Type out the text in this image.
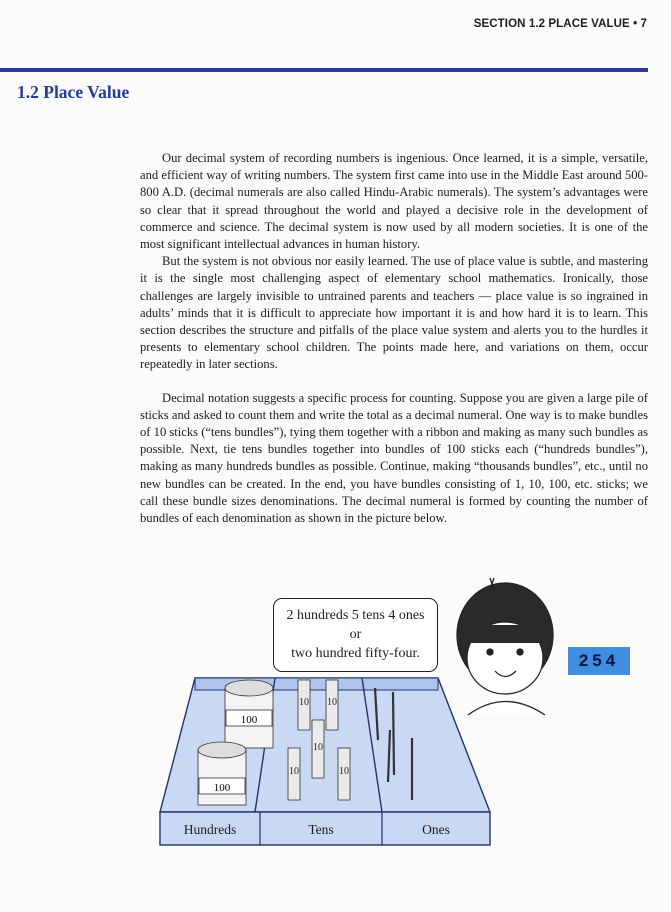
SECTION 1.2 PLACE VALUE • 7
1.2 Place Value

Our decimal system of recording numbers is ingenious. Once learned, it is a simple, versatile, and efficient way of writing numbers. The system first came into use in the Middle East around 500-800 A.D. (decimal numerals are also called Hindu-Arabic numerals). The system’s advantages were so clear that it spread throughout the world and played a decisive role in the development of commerce and science. The decimal system is now used by all modern societies. It is one of the most significant intellectual advances in human history.

But the system is not obvious nor easily learned. The use of place value is subtle, and mastering it is the single most challenging aspect of elementary school mathematics. Ironically, those challenges are largely invisible to untrained parents and teachers — place value is so ingrained in adults’ minds that it is difficult to appreciate how important it is and how hard it is to learn. This section describes the structure and pitfalls of the place value system and alerts you to the hurdles it presents to elementary school children. The points made here, and variations on them, occur repeatedly in later sections.

Decimal notation suggests a specific process for counting. Suppose you are given a large pile of sticks and asked to count them and write the total as a decimal numeral. One way is to make bundles of 10 sticks (“tens bundles”), tying them together with a ribbon and making as many such bundles as possible. Next, tie tens bundles together into bundles of 100 sticks each (“hundreds bundles”), making as many hundreds bundles as possible. Continue, making “thousands bundles”, etc., until no new bundles can be created. In the end, you have bundles consisting of 1, 10, 100, etc. sticks; we call these bundle sizes denominations. The decimal numeral is formed by counting the number of bundles of each denomination as shown in the picture below.

100
100
10 10
10
10	10
2 hundreds 5 tens 4 ones
or
two hundred fifty-four.	254
Hundreds	Tens	Ones
